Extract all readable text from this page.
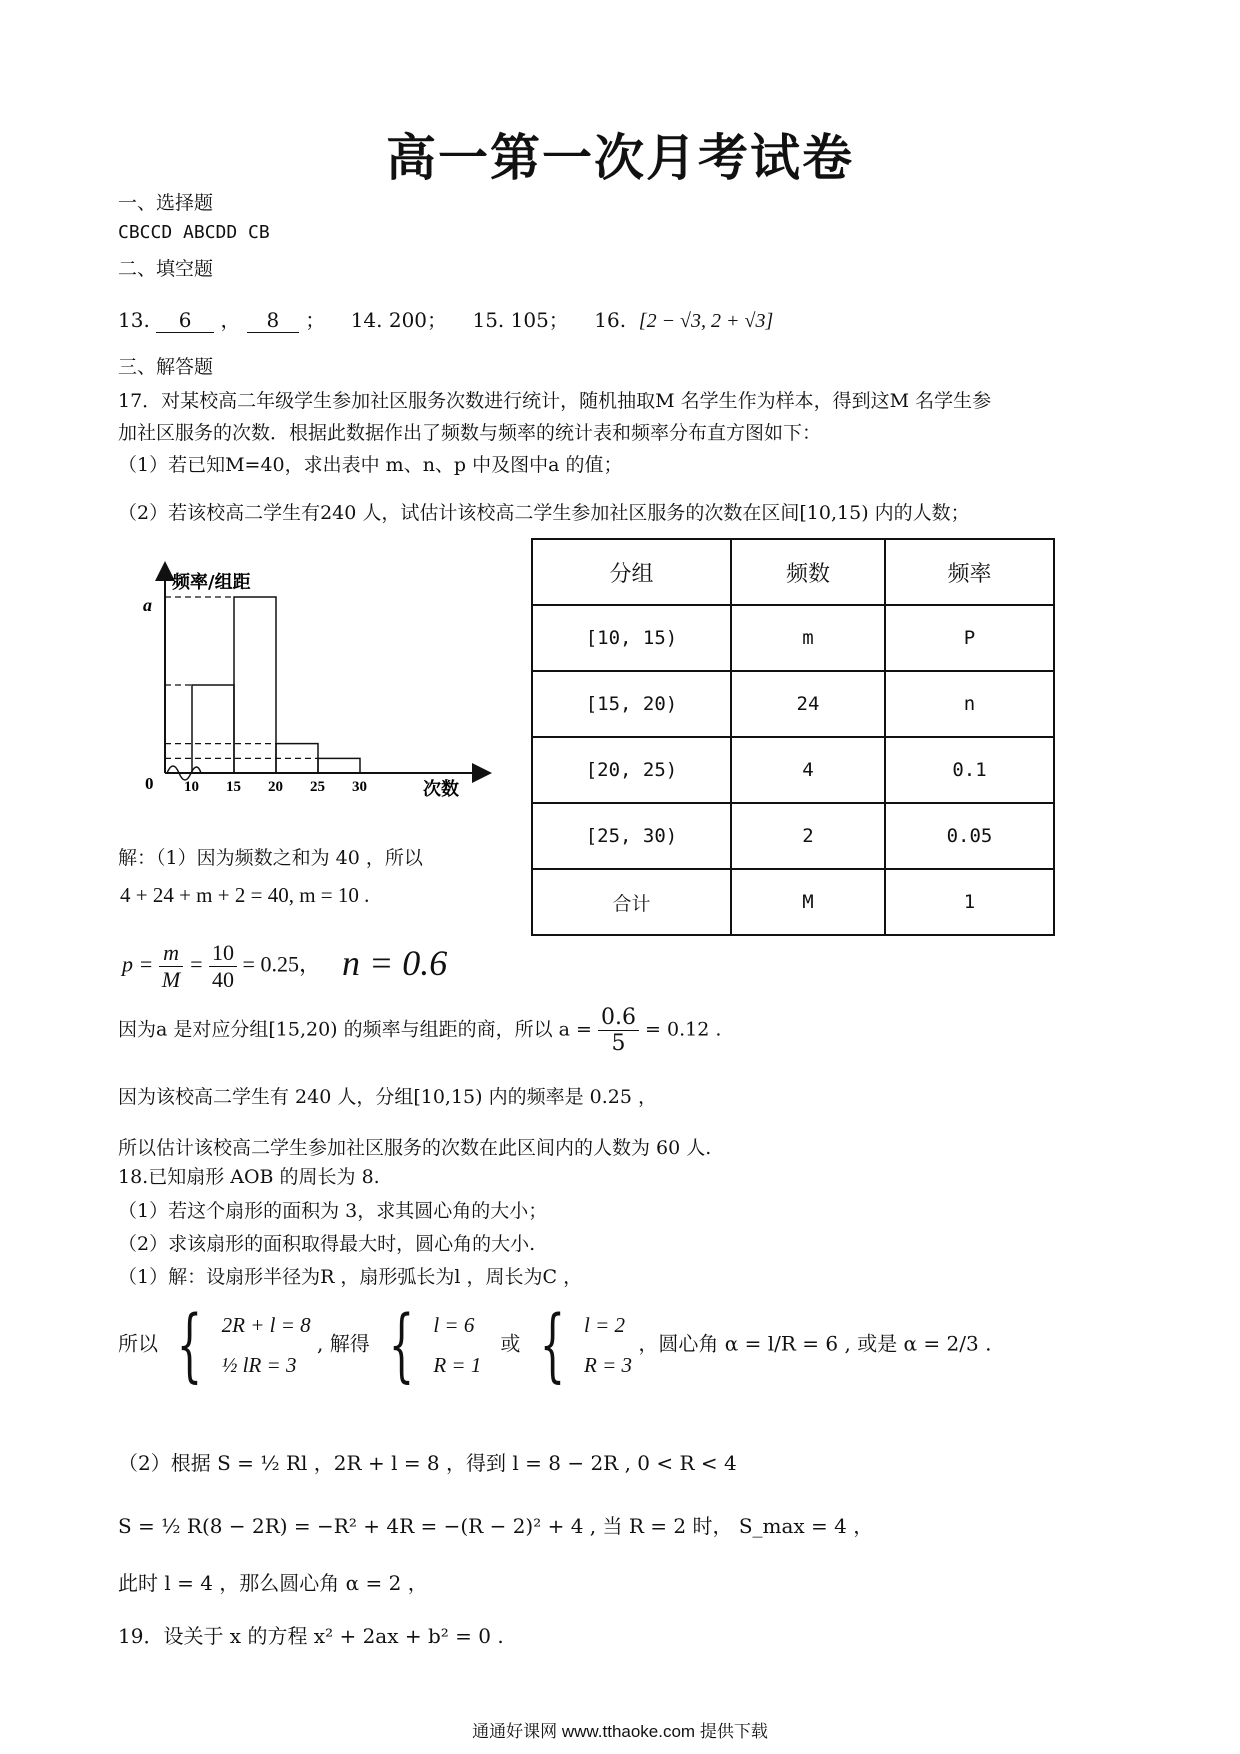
高一第一次月考试卷
一、选择题
CBCCD ABCDD CB
二、填空题
13. 6 ， 8 ；    14. 200； 15. 105； 16. [2 − √3, 2 + √3]
三、解答题
17．对某校高二年级学生参加社区服务次数进行统计，随机抽取M 名学生作为样本，得到这M 名学生参
加社区服务的次数．根据此数据作出了频数与频率的统计表和频率分布直方图如下：
（1）若已知M=40，求出表中 m、n、p 中及图中a 的值；
（2）若该校高二学生有240 人，试估计该校高二学生参加社区服务的次数在区间[10,15) 内的人数；
频率/组距
a
0	次数
10 15 20 25 30
分组	频数	频率
[10, 15)	m	P
[15, 20)	24	n
[20, 25)	4	0.1
[25, 30)	2	0.05
合计	M	1
解：（1）因为频数之和为 40 ，所以
4 + 24 + m + 2 = 40, m = 10 .
$p = \frac{m}{M} = \frac{10}{40} = 0.25$， n = 0.6
因为a 是对应分组[15,20) 的频率与组距的商，所以 $a = \frac{0.6}{5} = 0.12$ .
因为该校高二学生有 240 人，分组[10,15) 内的频率是 0.25 ，
所以估计该校高二学生参加社区服务的次数在此区间内的人数为 60 人.
18.已知扇形 AOB 的周长为 8.
（1）若这个扇形的面积为 3，求其圆心角的大小；
（2）求该扇形的面积取得最大时，圆心角的大小.
（1）解：设扇形半径为R ，扇形弧长为l ，周长为C ，
所以 { 2R + l = 8
½ lR = 3
, 解得 { l = 6
R = 1
或 { l = 2
R = 3
，圆心角 α = l/R = 6 , 或是 α = 2/3 .
（2）根据 S = ½ Rl ，2R + l = 8 ，得到 l = 8 − 2R , 0 < R < 4
S = ½ R(8 − 2R) = −R² + 4R = −(R − 2)² + 4 , 当 R = 2 时， S_max = 4 ，
此时 l = 4 ，那么圆心角 α = 2 ，
19．设关于 x 的方程 x² + 2ax + b² = 0 .
通通好课网 www.tthaoke.com 提供下载
